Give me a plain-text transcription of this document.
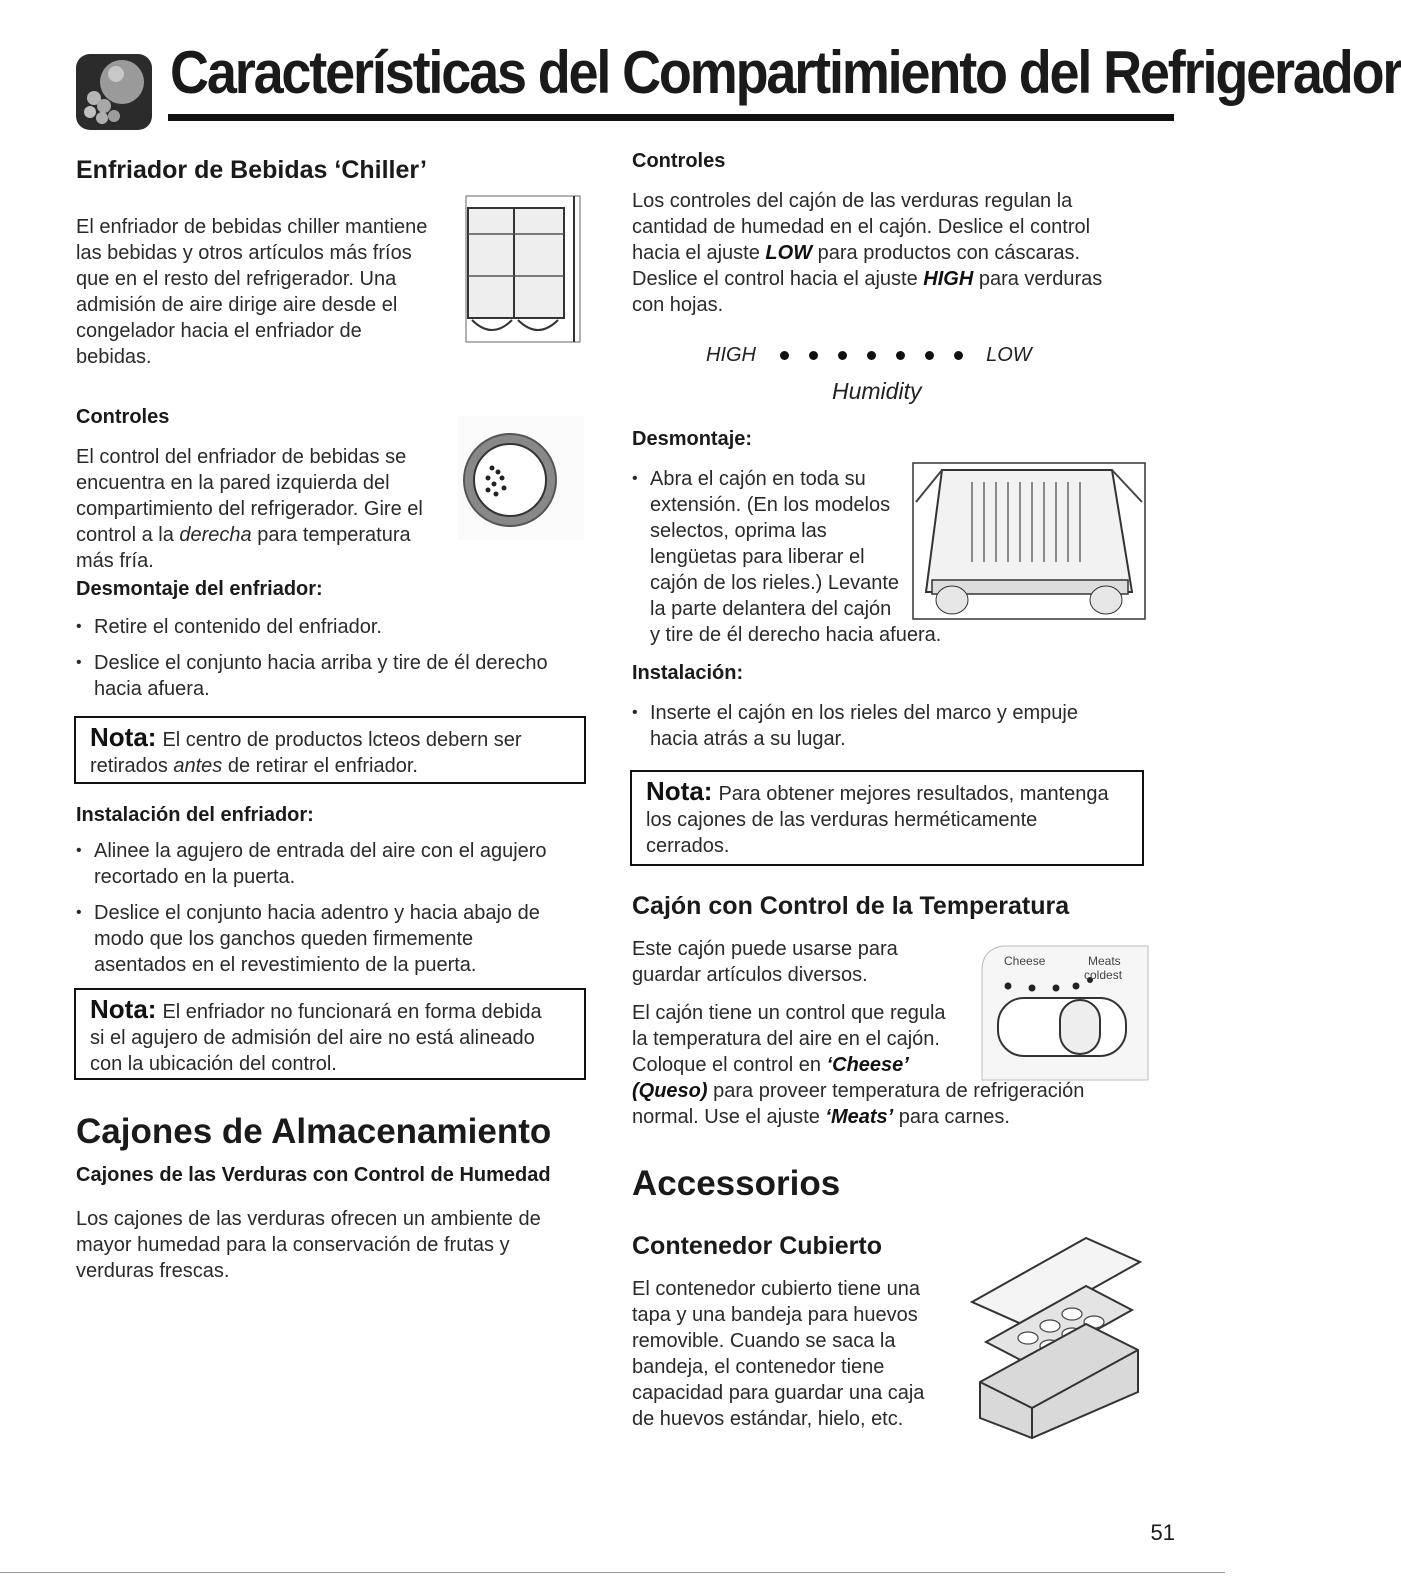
Características del Compartimiento del Refrigerador
Enfriador de Bebidas ‘Chiller’
El enfriador de bebidas chiller mantiene
las bebidas y otros artículos más fríos
que en el resto del refrigerador. Una
admisión de aire dirige aire desde el
congelador hacia el enfriador de
bebidas.
Controles
El control del enfriador de bebidas se
encuentra en la pared izquierda del
compartimiento del refrigerador. Gire el
control a la derecha para temperatura
más fría.
Desmontaje del enfriador:
• Retire el contenido del enfriador.
• Deslice el conjunto hacia arriba y tire de él derecho
hacia afuera.
Nota: El centro de productos lcteos debern ser
retirados antes de retirar el enfriador.
Instalación del enfriador:
• Alinee la agujero de entrada del aire con el agujero
recortado en la puerta.
• Deslice el conjunto hacia adentro y hacia abajo de
modo que los ganchos queden firmemente
asentados en el revestimiento de la puerta.
Nota: El enfriador no funcionará en forma debida
si el agujero de admisión del aire no está alineado
con la ubicación del control.
Cajones de Almacenamiento
Cajones de las Verduras con Control de Humedad
Los cajones de las verduras ofrecen un ambiente de
mayor humedad para la conservación de frutas y
verduras frescas.
Controles
Los controles del cajón de las verduras regulan la
cantidad de humedad en el cajón. Deslice el control
hacia el ajuste LOW para productos con cáscaras.
Deslice el control hacia el ajuste HIGH para verduras
con hojas.
HIGH	LOW
Humidity
Desmontaje:
• Abra el cajón en toda su
extensión. (En los modelos
selectos, oprima las
lengüetas para liberar el
cajón de los rieles.) Levante
la parte delantera del cajón
y tire de él derecho hacia afuera.
Instalación:
• Inserte el cajón en los rieles del marco y empuje
hacia atrás a su lugar.
Nota: Para obtener mejores resultados, mantenga
los cajones de las verduras herméticamente
cerrados.
Cajón con Control de la Temperatura
Este cajón puede usarse para
guardar artículos diversos.
El cajón tiene un control que regula
la temperatura del aire en el cajón.
Coloque el control en ‘Cheese’
(Queso) para proveer temperatura de refrigeración
normal. Use el ajuste ‘Meats’ para carnes.
Cheese	Meats
coldest
Accessorios
Contenedor Cubierto
El contenedor cubierto tiene una
tapa y una bandeja para huevos
removible. Cuando se saca la
bandeja, el contenedor tiene
capacidad para guardar una caja
de huevos estándar, hielo, etc.
51
